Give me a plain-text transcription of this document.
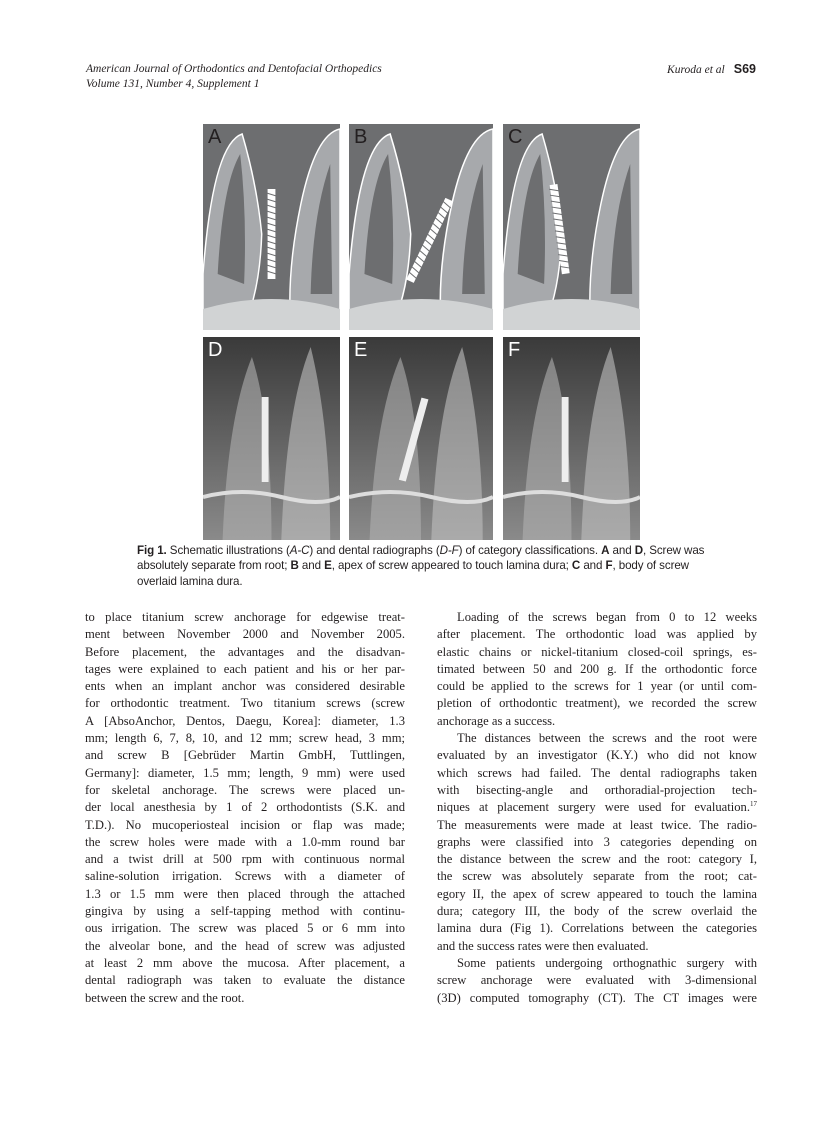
American Journal of Orthodontics and Dentofacial Orthopedics
Volume 131, Number 4, Supplement 1
Kuroda et al S69
A	B	C
D	E	F
Fig 1. Schematic illustrations (A-C) and dental radiographs (D-F) of category classifications. A and D, Screw was absolutely separate from root; B and E, apex of screw appeared to touch lamina dura; C and F, body of screw overlaid lamina dura.
to place titanium screw anchorage for edgewise treat-
ment between November 2000 and November 2005.
Before placement, the advantages and the disadvan-
tages were explained to each patient and his or her par-
ents when an implant anchor was considered desirable
for orthodontic treatment. Two titanium screws (screw
A [AbsoAnchor, Dentos, Daegu, Korea]: diameter, 1.3
mm; length 6, 7, 8, 10, and 12 mm; screw head, 3 mm;
and screw B [Gebrüder Martin GmbH, Tuttlingen,
Germany]: diameter, 1.5 mm; length, 9 mm) were used
for skeletal anchorage. The screws were placed un-
der local anesthesia by 1 of 2 orthodontists (S.K. and
T.D.). No mucoperiosteal incision or flap was made;
the screw holes were made with a 1.0-mm round bar
and a twist drill at 500 rpm with continuous normal
saline-solution irrigation. Screws with a diameter of
1.3 or 1.5 mm were then placed through the attached
gingiva by using a self-tapping method with continu-
ous irrigation. The screw was placed 5 or 6 mm into
the alveolar bone, and the head of screw was adjusted
at least 2 mm above the mucosa. After placement, a
dental radiograph was taken to evaluate the distance
between the screw and the root.
Loading of the screws began from 0 to 12 weeks
after placement. The orthodontic load was applied by
elastic chains or nickel-titanium closed-coil springs, es-
timated between 50 and 200 g. If the orthodontic force
could be applied to the screws for 1 year (or until com-
pletion of orthodontic treatment), we recorded the screw
anchorage as a success.
The distances between the screws and the root were
evaluated by an investigator (K.Y.) who did not know
which screws had failed. The dental radiographs taken
with bisecting-angle and orthoradial-projection tech-
niques at placement surgery were used for evaluation.$^{17}$
The measurements were made at least twice. The radio-
graphs were classified into 3 categories depending on
the distance between the screw and the root: category I,
the screw was absolutely separate from the root; cat-
egory II, the apex of screw appeared to touch the lamina
dura; category III, the body of the screw overlaid the
lamina dura (Fig 1). Correlations between the categories
and the success rates were then evaluated.
Some patients undergoing orthognathic surgery with
screw anchorage were evaluated with 3-dimensional
(3D) computed tomography (CT). The CT images were
